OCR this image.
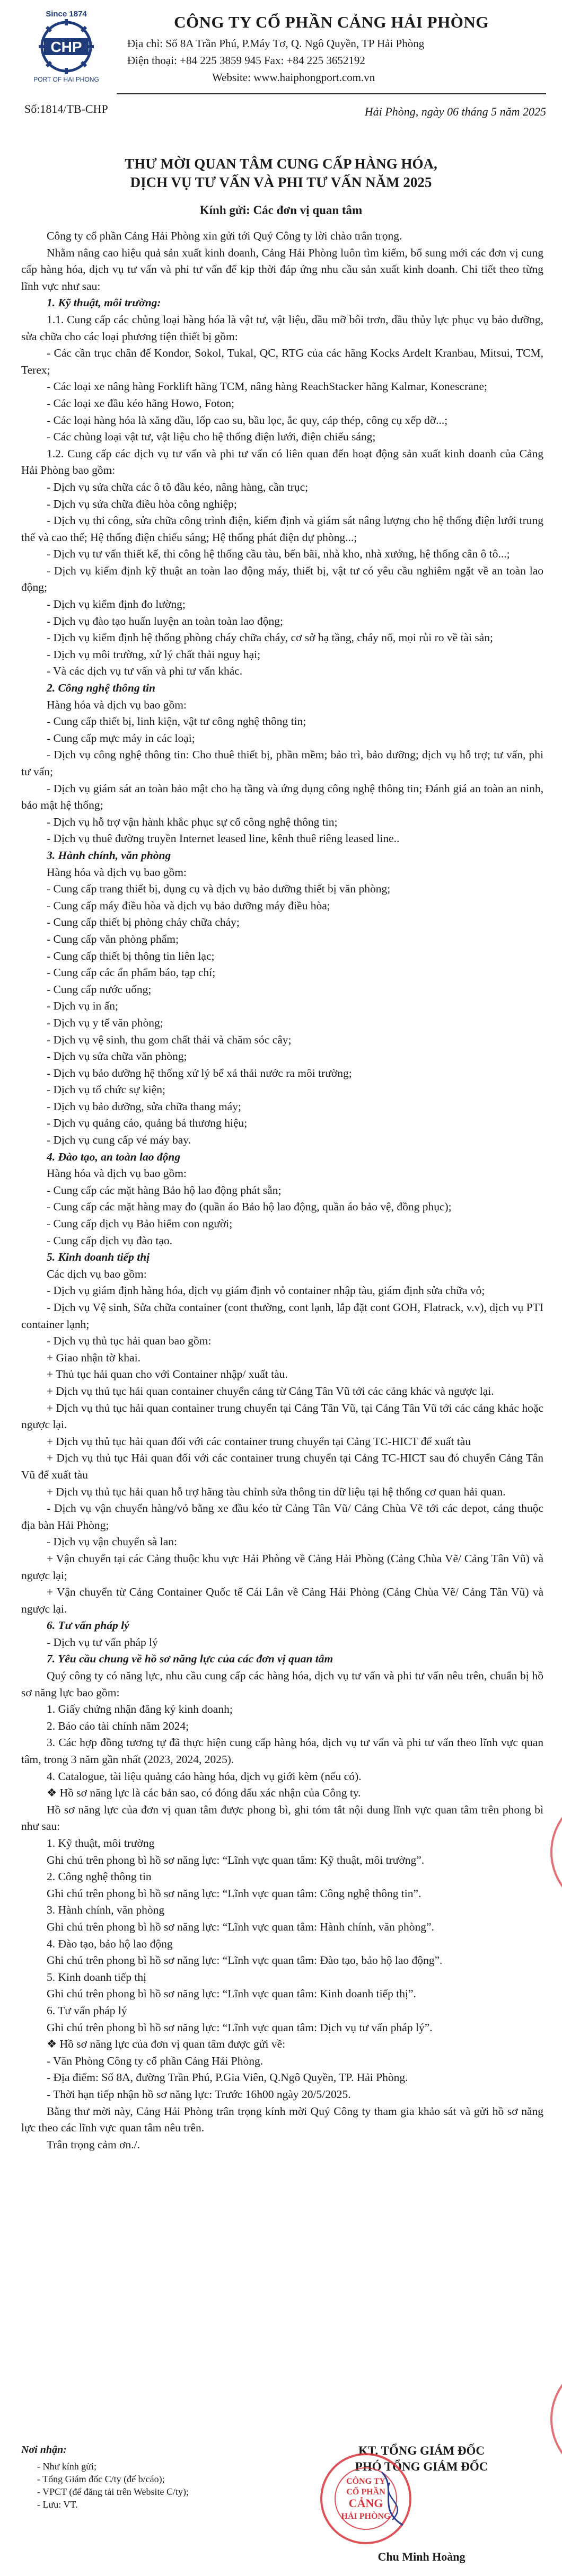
Since 1874
CHP
PORT OF HAI PHONG
Số:1814/TB-CHP
CÔNG TY CỔ PHẦN CẢNG HẢI PHÒNG
Địa chỉ: Số 8A Trần Phú, P.Máy Tơ, Q. Ngô Quyền, TP Hải Phòng
Điện thoại: +84 225 3859 945 Fax: +84 225 3652192
Website: www.haiphongport.com.vn
Hải Phòng, ngày 06 tháng 5 năm 2025
THƯ MỜI QUAN TÂM CUNG CẤP HÀNG HÓA,
DỊCH VỤ TƯ VẤN VÀ PHI TƯ VẤN NĂM 2025
Kính gửi: Các đơn vị quan tâm

Công ty cổ phần Cảng Hải Phòng xin gửi tới Quý Công ty lời chào trân trọng.

Nhằm nâng cao hiệu quả sản xuất kinh doanh, Cảng Hải Phòng luôn tìm kiếm, bổ sung mới các đơn vị cung cấp hàng hóa, dịch vụ tư vấn và phi tư vấn để kịp thời đáp ứng nhu cầu sản xuất kinh doanh. Chi tiết theo từng lĩnh vực như sau:

1. Kỹ thuật, môi trường:

1.1. Cung cấp các chủng loại hàng hóa là vật tư, vật liệu, dầu mỡ bôi trơn, dầu thủy lực phục vụ bảo dưỡng, sửa chữa cho các loại phương tiện thiết bị gồm:

- Các cần trục chân đế Kondor, Sokol, Tukal, QC, RTG của các hãng Kocks Ardelt Kranbau, Mitsui, TCM, Terex;

- Các loại xe nâng hàng Forklift hãng TCM, nâng hàng ReachStacker hãng Kalmar, Konescrane;

- Các loại xe đầu kéo hãng Howo, Foton;

- Các loại hàng hóa là xăng dầu, lốp cao su, bầu lọc, ắc quy, cáp thép, công cụ xếp dỡ...;

- Các chủng loại vật tư, vật liệu cho hệ thống điện lưới, điện chiếu sáng;

1.2. Cung cấp các dịch vụ tư vấn và phi tư vấn có liên quan đến hoạt động sản xuất kinh doanh của Cảng Hải Phòng bao gồm:

- Dịch vụ sửa chữa các ô tô đầu kéo, nâng hàng, cần trục;

- Dịch vụ sửa chữa điều hòa công nghiệp;

- Dịch vụ thi công, sửa chữa công trình điện, kiểm định và giám sát nâng lượng cho hệ thống điện lưới trung thế và cao thế; Hệ thống điện chiếu sáng; Hệ thống phát điện dự phòng...;

- Dịch vụ tư vấn thiết kế, thi công hệ thống cầu tàu, bến bãi, nhà kho, nhà xưởng, hệ thống cân ô tô...;

- Dịch vụ kiểm định kỹ thuật an toàn lao động máy, thiết bị, vật tư có yêu cầu nghiêm ngặt về an toàn lao động;

- Dịch vụ kiểm định đo lường;

- Dịch vụ đào tạo huấn luyện an toàn toàn lao động;

- Dịch vụ kiểm định hệ thống phòng cháy chữa cháy, cơ sở hạ tầng, cháy nổ, mọi rủi ro về tài sản;

- Dịch vụ môi trường, xử lý chất thải nguy hại;

- Và các dịch vụ tư vấn và phi tư vấn khác.

2. Công nghệ thông tin

Hàng hóa và dịch vụ bao gồm:

- Cung cấp thiết bị, linh kiện, vật tư công nghệ thông tin;

- Cung cấp mực máy in các loại;

- Dịch vụ công nghệ thông tin: Cho thuê thiết bị, phần mềm; bảo trì, bảo dưỡng; dịch vụ hỗ trợ; tư vấn, phi tư vấn;

- Dịch vụ giám sát an toàn bảo mật cho hạ tầng và ứng dụng công nghệ thông tin; Đánh giá an toàn an ninh, bảo mật hệ thống;

- Dịch vụ hỗ trợ vận hành khắc phục sự cố công nghệ thông tin;

- Dịch vụ thuê đường truyền Internet leased line, kênh thuê riêng leased line..

3. Hành chính, văn phòng

Hàng hóa và dịch vụ bao gồm:

- Cung cấp trang thiết bị, dụng cụ và dịch vụ bảo dưỡng thiết bị văn phòng;

- Cung cấp máy điều hòa và dịch vụ bảo dưỡng máy điều hòa;

- Cung cấp thiết bị phòng cháy chữa cháy;

- Cung cấp văn phòng phẩm;

- Cung cấp thiết bị thông tin liên lạc;

- Cung cấp các ấn phẩm báo, tạp chí;

- Cung cấp nước uống;

- Dịch vụ in ấn;

- Dịch vụ y tế văn phòng;

- Dịch vụ vệ sinh, thu gom chất thải và chăm sóc cây;

- Dịch vụ sửa chữa văn phòng;

- Dịch vụ bảo dưỡng hệ thống xử lý bể xả thải nước ra môi trường;

- Dịch vụ tổ chức sự kiện;

- Dịch vụ bảo dưỡng, sửa chữa thang máy;

- Dịch vụ quảng cáo, quảng bá thương hiệu;

- Dịch vụ cung cấp vé máy bay.

4. Đào tạo, an toàn lao động

Hàng hóa và dịch vụ bao gồm:

- Cung cấp các mặt hàng Bảo hộ lao động phát sẵn;

- Cung cấp các mặt hàng may đo (quần áo Bảo hộ lao động, quần áo bảo vệ, đồng phục);

- Cung cấp dịch vụ Bảo hiểm con người;

- Cung cấp dịch vụ đào tạo.

5. Kinh doanh tiếp thị

Các dịch vụ bao gồm:

- Dịch vụ giám định hàng hóa, dịch vụ giám định vỏ container nhập tàu, giám định sửa chữa vỏ;

- Dịch vụ Vệ sinh, Sửa chữa container (cont thường, cont lạnh, lắp đặt cont GOH, Flatrack, v.v), dịch vụ PTI container lạnh;

- Dịch vụ thủ tục hải quan bao gồm:

+ Giao nhận tờ khai.

+ Thủ tục hải quan cho với Container nhập/ xuất tàu.

+ Dịch vụ thủ tục hải quan container chuyển cảng từ Cảng Tân Vũ tới các cảng khác và ngược lại.

+ Dịch vụ thủ tục hải quan container trung chuyển tại Cảng Tân Vũ, tại Cảng Tân Vũ tới các cảng khác hoặc ngược lại.

+ Dịch vụ thủ tục hải quan đối với các container trung chuyển tại Cảng TC-HICT để xuất tàu

+ Dịch vụ thủ tục Hải quan đối với các container trung chuyển tại Cảng TC-HICT sau đó chuyển Cảng Tân Vũ để xuất tàu

+ Dịch vụ thủ tục hải quan hỗ trợ hãng tàu chỉnh sửa thông tin dữ liệu tại hệ thống cơ quan hải quan.

- Dịch vụ vận chuyển hàng/vỏ bằng xe đầu kéo từ Cảng Tân Vũ/ Cảng Chùa Vẽ tới các depot, cảng thuộc địa bàn Hải Phòng;

- Dịch vụ vận chuyển sà lan:

+ Vận chuyển tại các Cảng thuộc khu vực Hải Phòng về Cảng Hải Phòng (Cảng Chùa Vẽ/ Cảng Tân Vũ) và ngược lại;

+ Vận chuyển từ Cảng Container Quốc tế Cái Lân về Cảng Hải Phòng (Cảng Chùa Vẽ/ Cảng Tân Vũ) và ngược lại.

6. Tư vấn pháp lý

- Dịch vụ tư vấn pháp lý

7. Yêu cầu chung về hồ sơ năng lực của các đơn vị quan tâm

Quý công ty có năng lực, nhu cầu cung cấp các hàng hóa, dịch vụ tư vấn và phi tư vấn nêu trên, chuẩn bị hồ sơ năng lực bao gồm:

1. Giấy chứng nhận đăng ký kinh doanh;

2. Báo cáo tài chính năm 2024;

3. Các hợp đồng tương tự đã thực hiện cung cấp hàng hóa, dịch vụ tư vấn và phi tư vấn theo lĩnh vực quan tâm, trong 3 năm gần nhất (2023, 2024, 2025).

4. Catalogue, tài liệu quảng cáo hàng hóa, dịch vụ giới kèm (nếu có).

❖ Hồ sơ năng lực là các bản sao, có đóng dấu xác nhận của Công ty.

Hồ sơ năng lực của đơn vị quan tâm được phong bì, ghi tóm tắt nội dung lĩnh vực quan tâm trên phong bì như sau:

1. Kỹ thuật, môi trường

Ghi chú trên phong bì hồ sơ năng lực: “Lĩnh vực quan tâm: Kỹ thuật, môi trường”.

2. Công nghệ thông tin

Ghi chú trên phong bì hồ sơ năng lực: “Lĩnh vực quan tâm: Công nghệ thông tin”.

3. Hành chính, văn phòng

Ghi chú trên phong bì hồ sơ năng lực: “Lĩnh vực quan tâm: Hành chính, văn phòng”.

4. Đào tạo, bảo hộ lao động

Ghi chú trên phong bì hồ sơ năng lực: “Lĩnh vực quan tâm: Đào tạo, bảo hộ lao động”.

5. Kinh doanh tiếp thị

Ghi chú trên phong bì hồ sơ năng lực: “Lĩnh vực quan tâm: Kinh doanh tiếp thị”.

6. Tư vấn pháp lý

Ghi chú trên phong bì hồ sơ năng lực: “Lĩnh vực quan tâm: Dịch vụ tư vấn pháp lý”.

❖ Hồ sơ năng lực của đơn vị quan tâm được gửi về:

- Văn Phòng Công ty cổ phần Cảng Hải Phòng.

- Địa điểm: Số 8A, đường Trần Phú, P.Gia Viên, Q.Ngô Quyền, TP. Hải Phòng.

- Thời hạn tiếp nhận hồ sơ năng lực: Trước 16h00 ngày 20/5/2025.

Bằng thư mời này, Cảng Hải Phòng trân trọng kính mời Quý Công ty tham gia khảo sát và gửi hồ sơ năng lực theo các lĩnh vực quan tâm nêu trên.

Trân trọng cảm ơn./.

Nơi nhận:
- Như kính gửi;
- Tổng Giám đốc C/ty (để b/cáo);
- VPCT (để đăng tải trên Website C/ty);
- Lưu: VT.
KT. TỔNG GIÁM ĐỐC
PHÓ TỔNG GIÁM ĐỐC
CÔNG TY
CỔ PHẦN
CẢNG
HẢI PHÒNG
Chu Minh Hoàng
